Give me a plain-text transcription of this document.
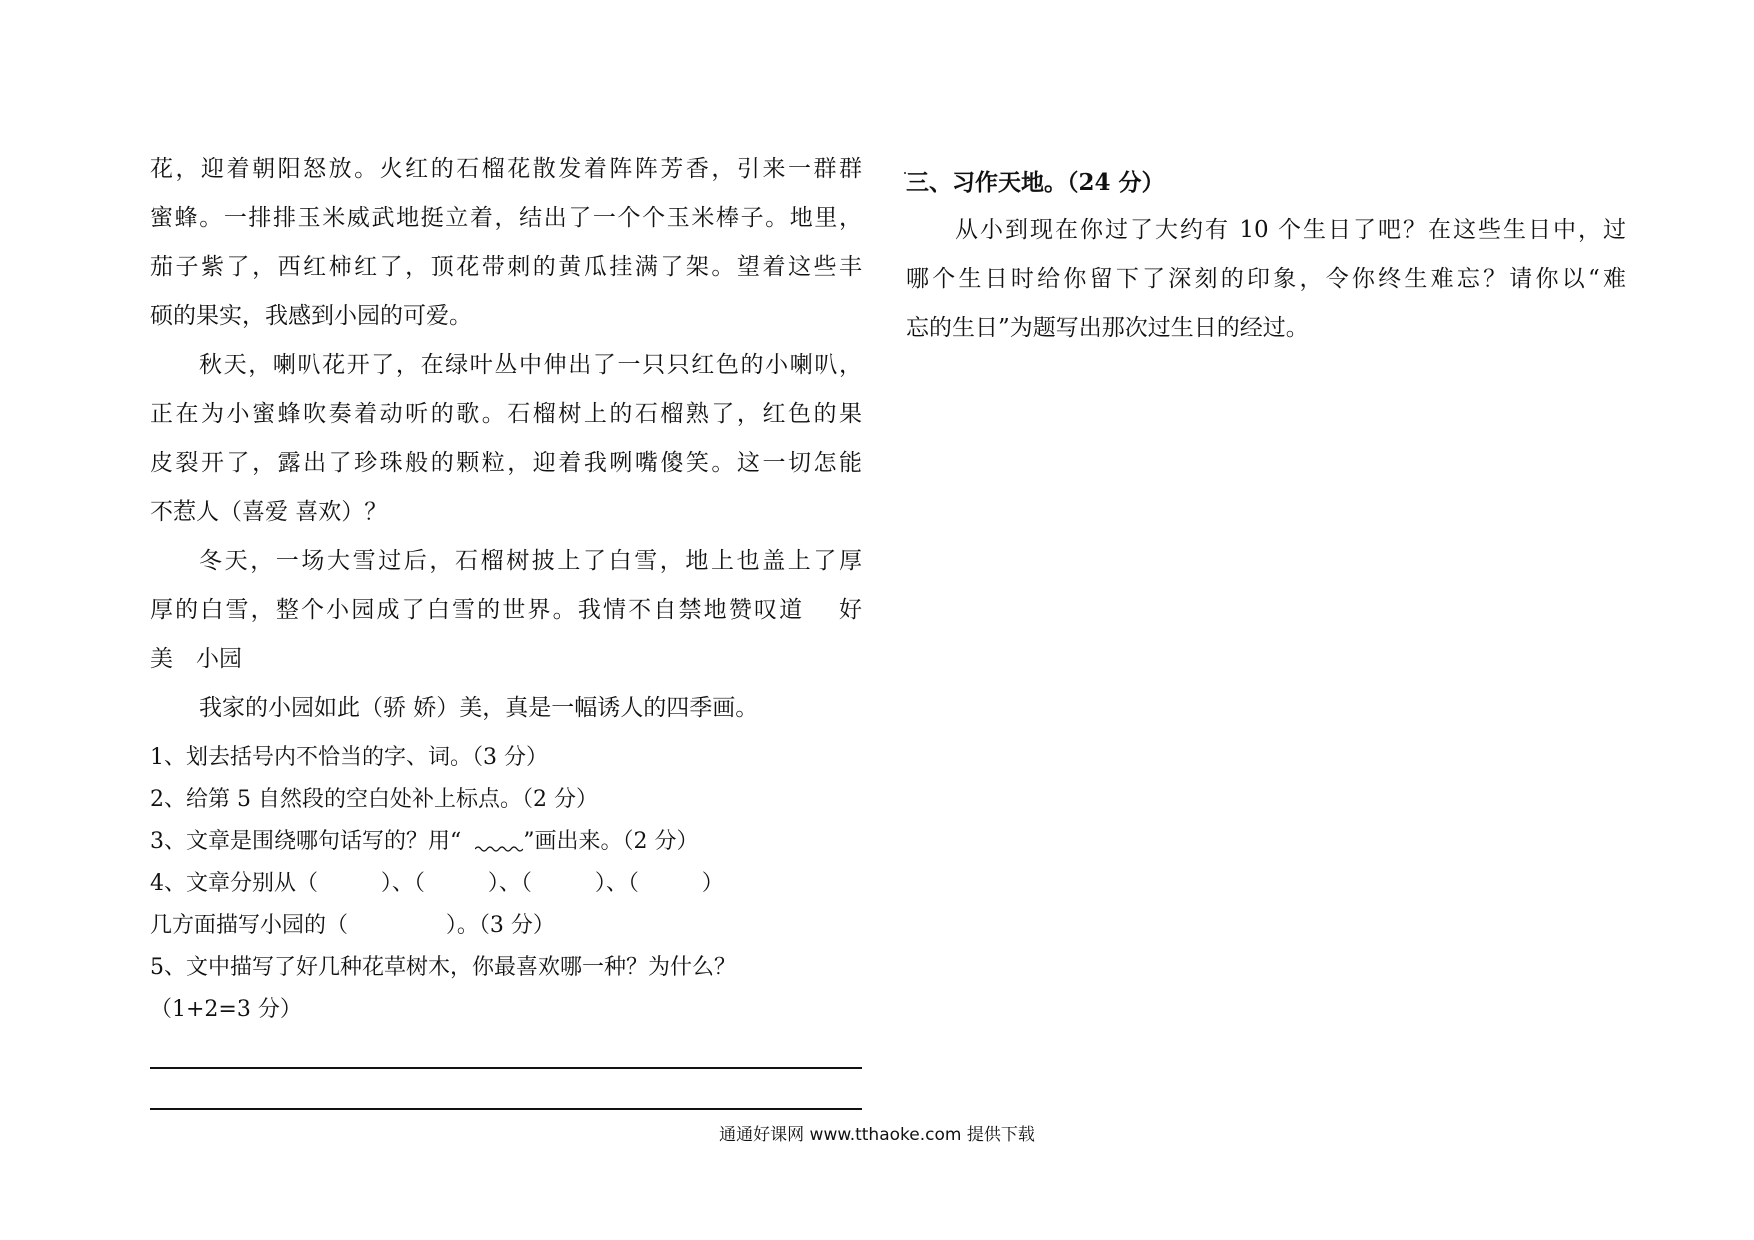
花，迎着朝阳怒放。火红的石榴花散发着阵阵芳香，引来一群群

蜜蜂。一排排玉米威武地挺立着，结出了一个个玉米棒子。地里，

茄子紫了，西红柿红了，顶花带刺的黄瓜挂满了架。望着这些丰

硕的果实，我感到小园的可爱。

秋天，喇叭花开了，在绿叶丛中伸出了一只只红色的小喇叭，

正在为小蜜蜂吹奏着动听的歌。石榴树上的石榴熟了，红色的果

皮裂开了，露出了珍珠般的颗粒，迎着我咧嘴傻笑。这一切怎能

不惹人（喜爱 喜欢）？

冬天，一场大雪过后，石榴树披上了白雪，地上也盖上了厚

厚的白雪，整个小园成了白雪的世界。我情不自禁地赞叹道　 好

美　小园

我家的小园如此（骄 娇）美，真是一幅诱人的四季画。

1、划去括号内不恰当的字、词。（3 分）

2、给第 5 自然段的空白处补上标点。（2 分）

3、文章是围绕哪句话写的？用“  ”画出来。（2 分）

4、文章分别从（         ）、（         ）、（         ）、（         ）

几方面描写小园的（              ）。（3 分）

5、文中描写了好几种花草树木，你最喜欢哪一种？为什么？

（1+2=3 分）

三、习作天地。（24 分）

从小到现在你过了大约有 10 个生日了吧？在这些生日中，过

哪个生日时给你留下了深刻的印象，令你终生难忘？请你以“难

忘的生日”为题写出那次过生日的经过。

通通好课网 www.tthaoke.com 提供下载
